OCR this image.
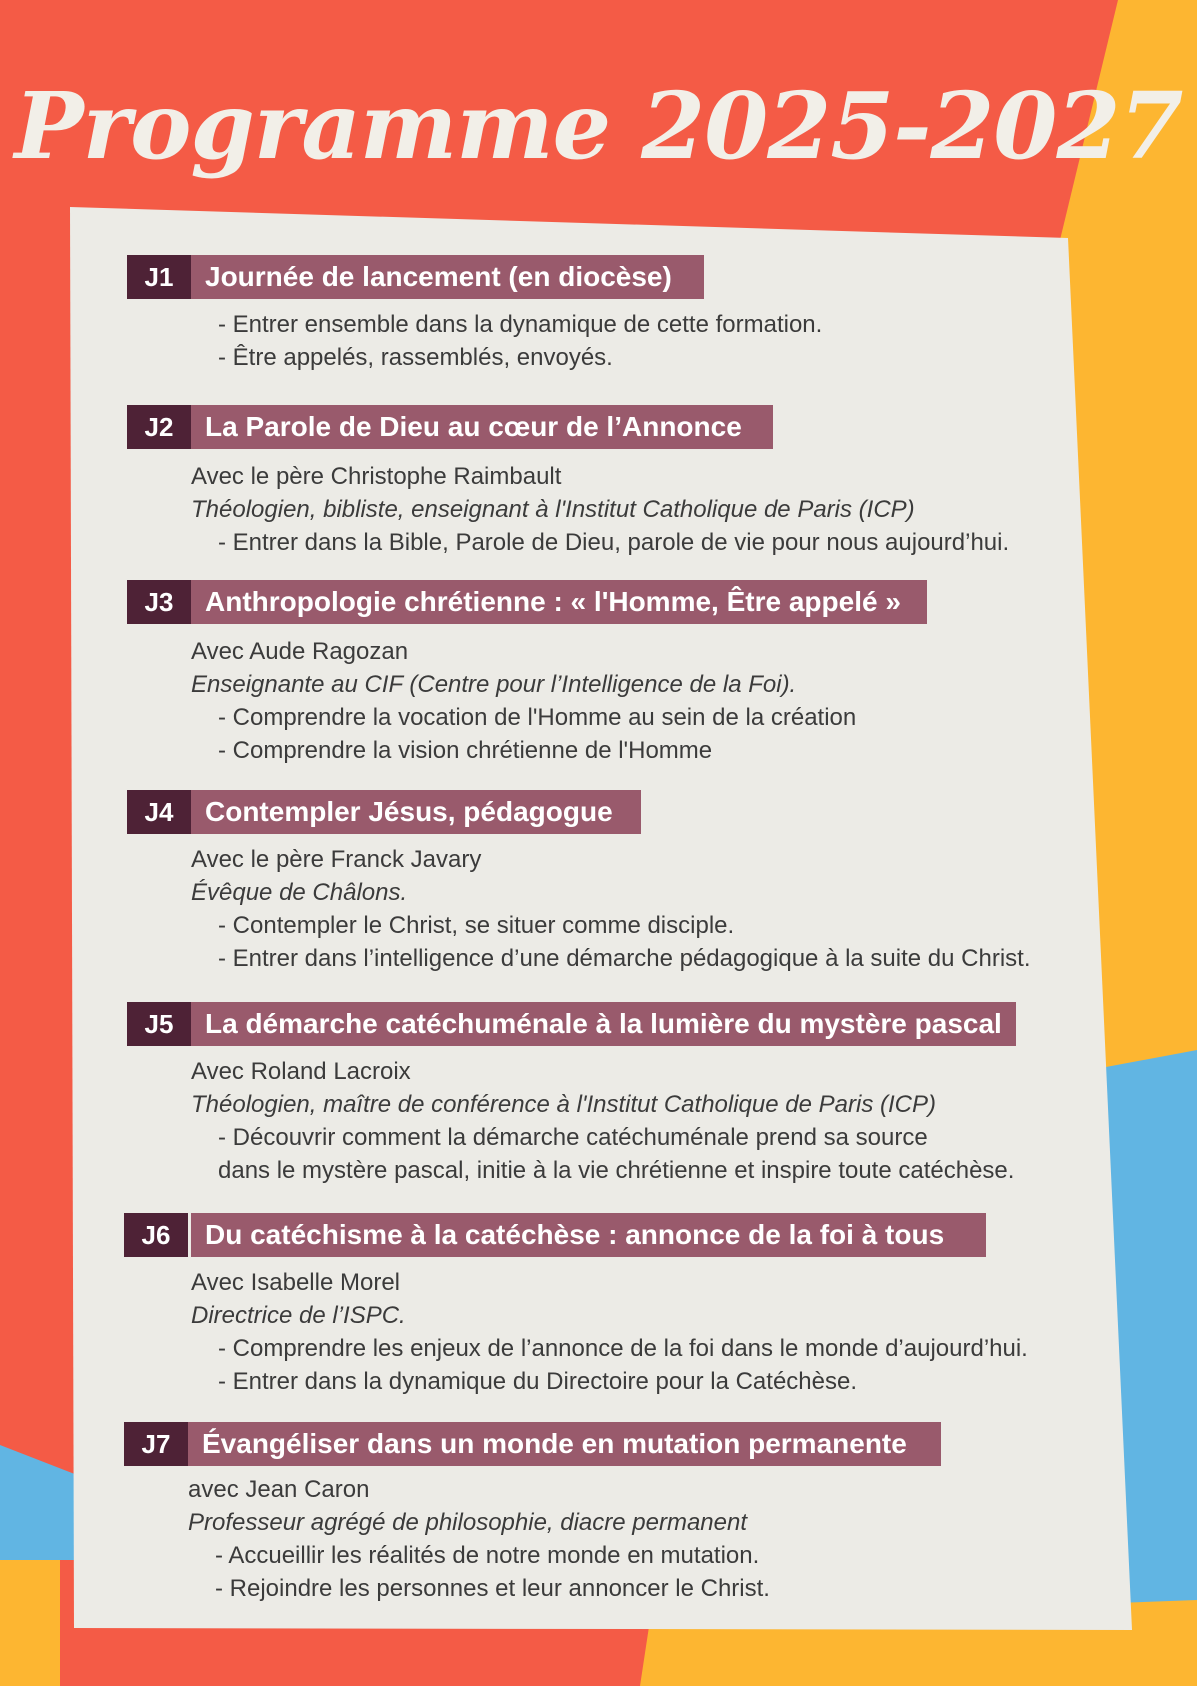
Programme 2025-2027
J1	Journée de lancement (en diocèse)
- Entrer ensemble dans la dynamique de cette formation.
- Être appelés, rassemblés, envoyés.
J2	La Parole de Dieu au cœur de l’Annonce
Avec le père Christophe Raimbault
Théologien, bibliste, enseignant à l'Institut Catholique de Paris (ICP)
- Entrer dans la Bible, Parole de Dieu, parole de vie pour nous aujourd’hui.
J3	Anthropologie chrétienne : « l'Homme, Être appelé »
Avec Aude Ragozan
Enseignante au CIF (Centre pour l’Intelligence de la Foi).
- Comprendre la vocation de l'Homme au sein de la création
- Comprendre la vision chrétienne de l'Homme
J4	Contempler Jésus, pédagogue
Avec le père Franck Javary
Évêque de Châlons.
- Contempler le Christ, se situer comme disciple.
- Entrer dans l’intelligence d’une démarche pédagogique à la suite du Christ.
J5	La démarche catéchuménale à la lumière du mystère pascal
Avec Roland Lacroix
Théologien, maître de conférence à l'Institut Catholique de Paris (ICP)
- Découvrir comment la démarche catéchuménale prend sa source
dans le mystère pascal, initie à la vie chrétienne et inspire toute catéchèse.
J6	Du catéchisme à la catéchèse : annonce de la foi à tous
Avec Isabelle Morel
Directrice de l’ISPC.
- Comprendre les enjeux de l’annonce de la foi dans le monde d’aujourd’hui.
- Entrer dans la dynamique du Directoire pour la Catéchèse.
J7	Évangéliser dans un monde en mutation permanente
avec Jean Caron
Professeur agrégé de philosophie, diacre permanent
- Accueillir les réalités de notre monde en mutation.
- Rejoindre les personnes et leur annoncer le Christ.
